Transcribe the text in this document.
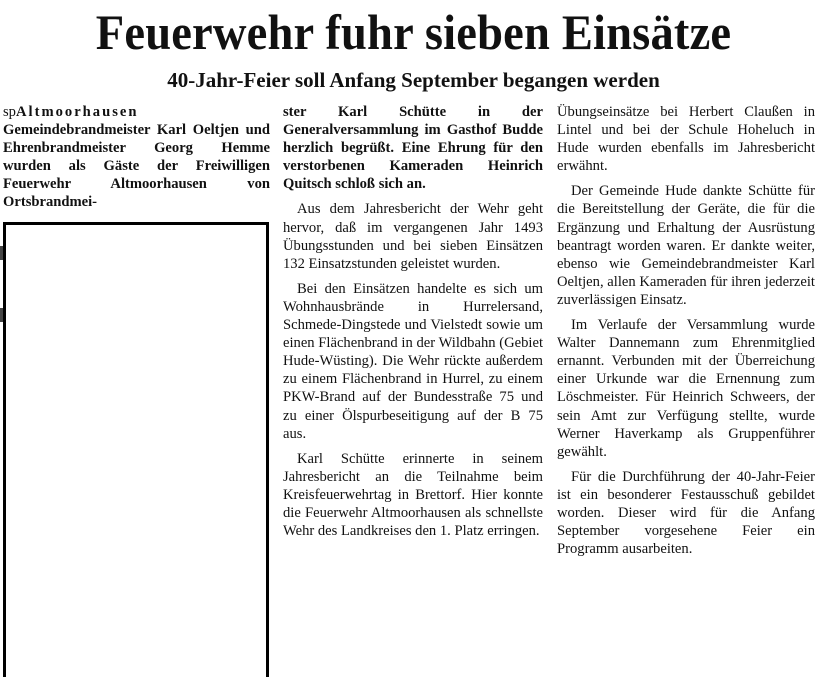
Feuerwehr fuhr sieben Einsätze
40-Jahr-Feier soll Anfang September begangen werden

spAltmoorhausen Gemeindebrandmeister Karl Oeltjen und Ehrenbrandmeister Georg Hemme wurden als Gäste der Freiwilligen Feuerwehr Altmoorhausen von Ortsbrandmei-

ster Karl Schütte in der Generalversammlung im Gasthof Budde herzlich begrüßt. Eine Ehrung für den verstorbenen Kameraden Heinrich Quitsch schloß sich an.

Aus dem Jahresbericht der Wehr geht hervor, daß im vergangenen Jahr 1493 Übungsstunden und bei sieben Einsätzen 132 Einsatzstunden geleistet wurden.

Bei den Einsätzen handelte es sich um Wohnhausbrände in Hurrelersand, Schmede-Dingstede und Vielstedt sowie um einen Flächenbrand in der Wildbahn (Gebiet Hude-Wüsting). Die Wehr rückte außerdem zu einem Flächenbrand in Hurrel, zu einem PKW-Brand auf der Bundesstraße 75 und zu einer Ölspurbeseitigung auf der B 75 aus.

Karl Schütte erinnerte in seinem Jahresbericht an die Teilnahme beim Kreisfeuerwehrtag in Brettorf. Hier konnte die Feuerwehr Altmoorhausen als schnellste Wehr des Landkreises den 1. Platz erringen.

Übungseinsätze bei Herbert Claußen in Lintel und bei der Schule Hoheluch in Hude wurden ebenfalls im Jahresbericht erwähnt.

Der Gemeinde Hude dankte Schütte für die Bereitstellung der Geräte, die für die Ergänzung und Erhaltung der Ausrüstung beantragt worden waren. Er dankte weiter, ebenso wie Gemeindebrandmeister Karl Oeltjen, allen Kameraden für ihren jederzeit zuverlässigen Einsatz.

Im Verlaufe der Versammlung wurde Walter Dannemann zum Ehrenmitglied ernannt. Verbunden mit der Überreichung einer Urkunde war die Ernennung zum Löschmeister. Für Heinrich Schweers, der sein Amt zur Verfügung stellte, wurde Werner Haverkamp als Gruppenführer gewählt.

Für die Durchführung der 40-Jahr-Feier ist ein besonderer Festausschuß gebildet worden. Dieser wird für die Anfang September vorgesehene Feier ein Programm ausarbeiten.
